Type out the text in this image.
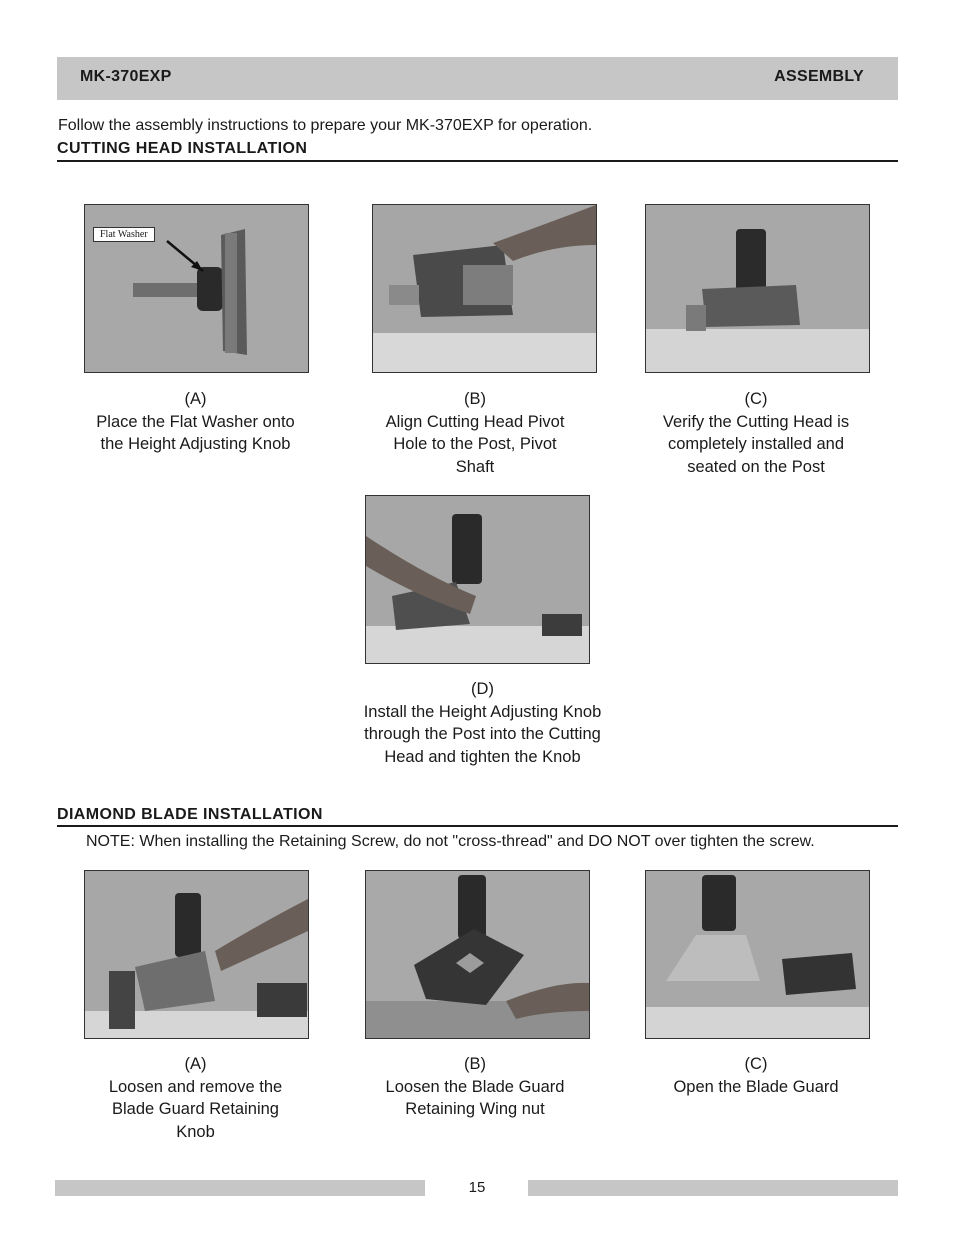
MK-370EXP	ASSEMBLY
Follow the assembly instructions to prepare your MK-370EXP for operation.
CUTTING HEAD INSTALLATION
Flat Washer
(A)
Place the Flat Washer onto
the Height Adjusting Knob
(B)
Align Cutting Head Pivot
Hole to the Post, Pivot
Shaft
(C)
Verify the Cutting Head is
completely installed and
seated on the Post
(D)
Install the Height Adjusting Knob
through the Post into the Cutting
Head and tighten the Knob
DIAMOND BLADE INSTALLATION
NOTE: When installing the Retaining Screw, do not "cross-thread" and DO NOT over tighten the screw.
(A)
Loosen and remove the
Blade Guard Retaining
Knob
(B)
Loosen the Blade Guard
Retaining Wing nut
(C)
Open the Blade Guard
15
